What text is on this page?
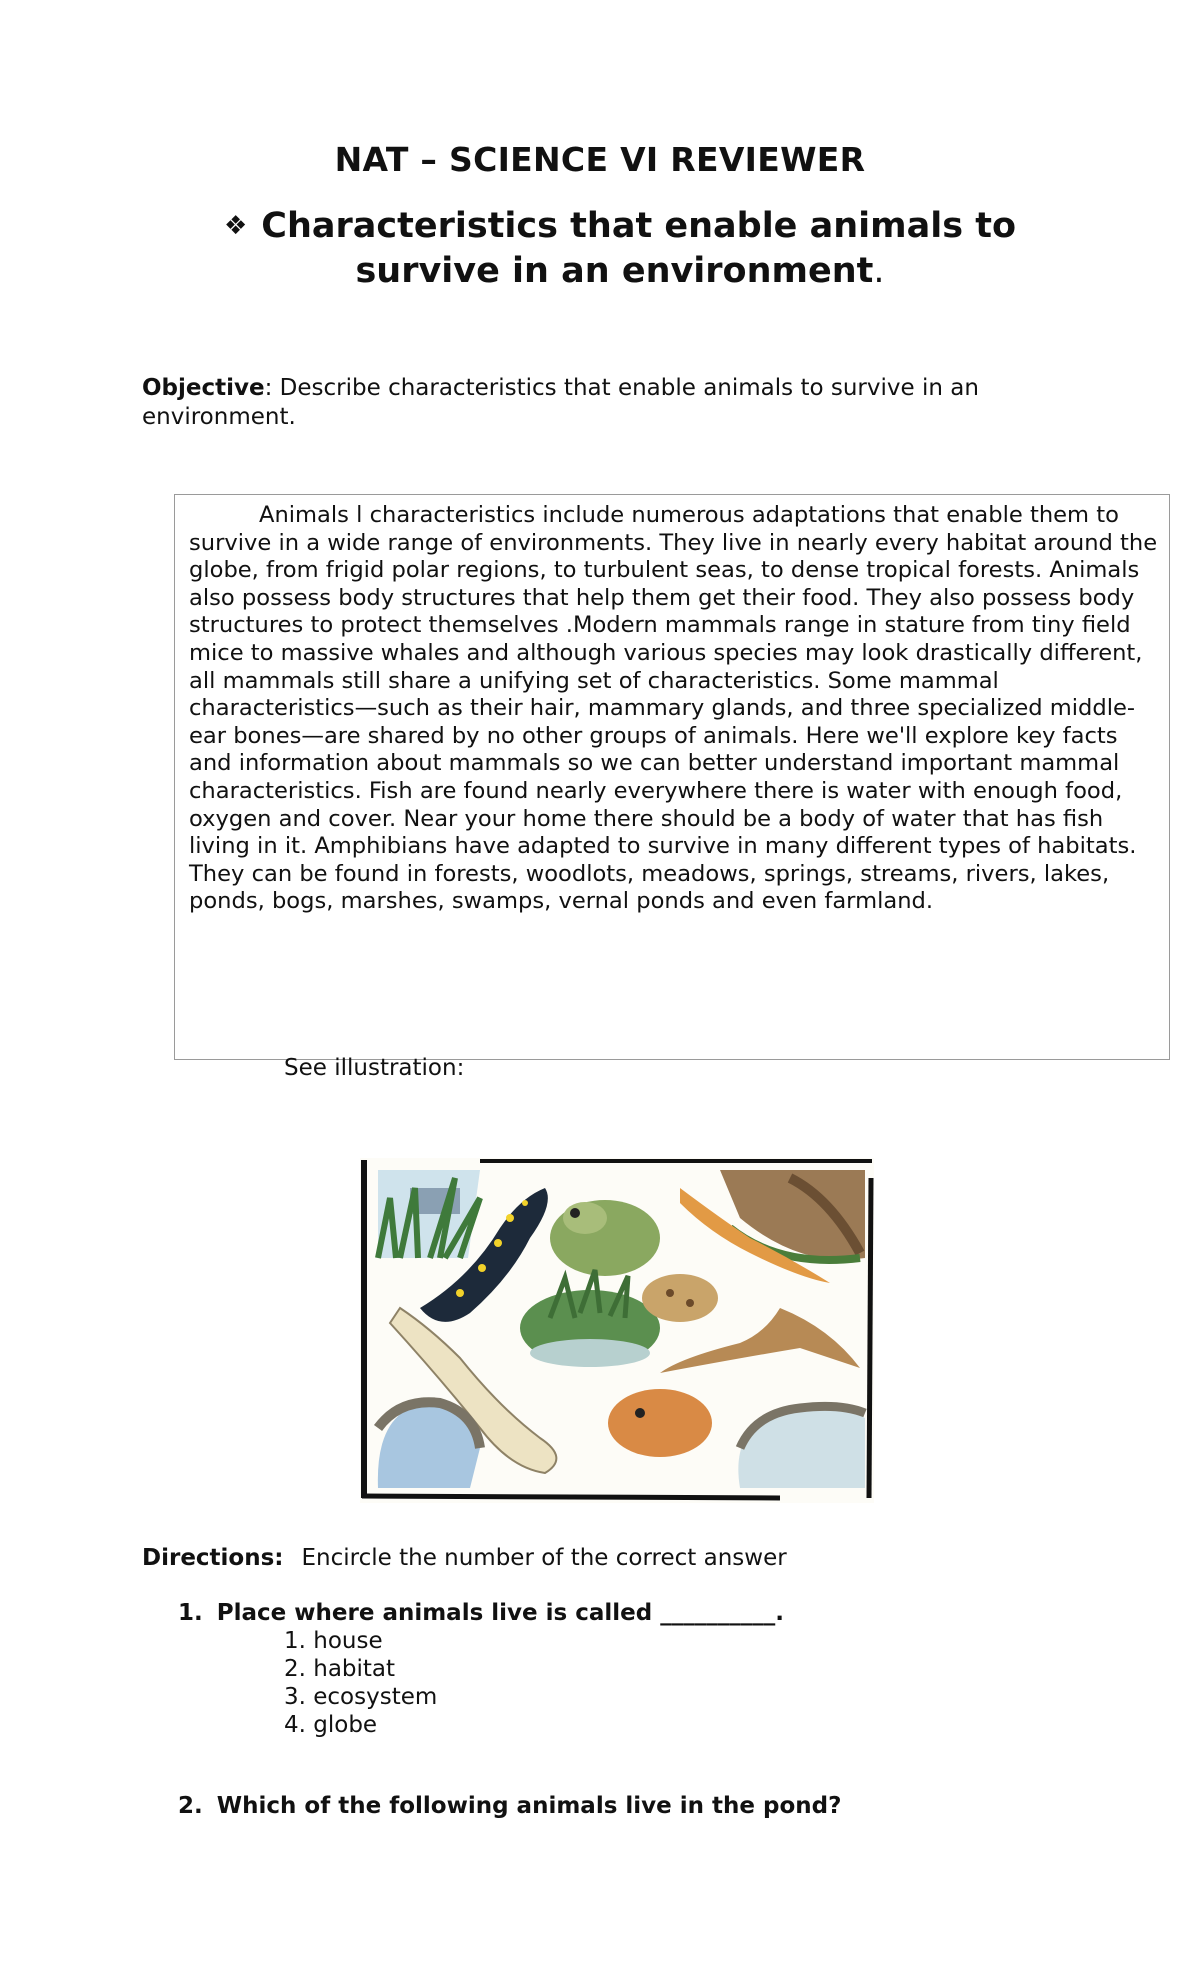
NAT – SCIENCE VI REVIEWER
❖ Characteristics that enable animals to
survive in an environment.
Objective: Describe characteristics that enable animals to survive in an environment.

Animals l characteristics include numerous adaptations that enable them to survive in a wide range of environments. They live in nearly every habitat around the globe, from frigid polar regions, to turbulent seas, to dense tropical forests. Animals also possess body structures that help them get their food. They also possess body structures to protect themselves .Modern mammals range in stature from tiny field mice to massive whales and although various species may look drastically different, all mammals still share a unifying set of characteristics. Some mammal characteristics—such as their hair, mammary glands, and three specialized middle-ear bones—are shared by no other groups of animals. Here we'll explore key facts and information about mammals so we can better understand important mammal characteristics. Fish are found nearly everywhere there is water with enough food, oxygen and cover. Near your home there should be a body of water that has fish living in it. Amphibians have adapted to survive in many different types of habitats. They can be found in forests, woodlots, meadows, springs, streams, rivers, lakes, ponds, bogs, marshes, swamps, vernal ponds and even farmland.

See illustration:
Directions: Encircle the number of the correct answer
1. Place where animals live is called __________.
1. house
2. habitat
3. ecosystem
4. globe
2. Which of the following animals live in the pond?
